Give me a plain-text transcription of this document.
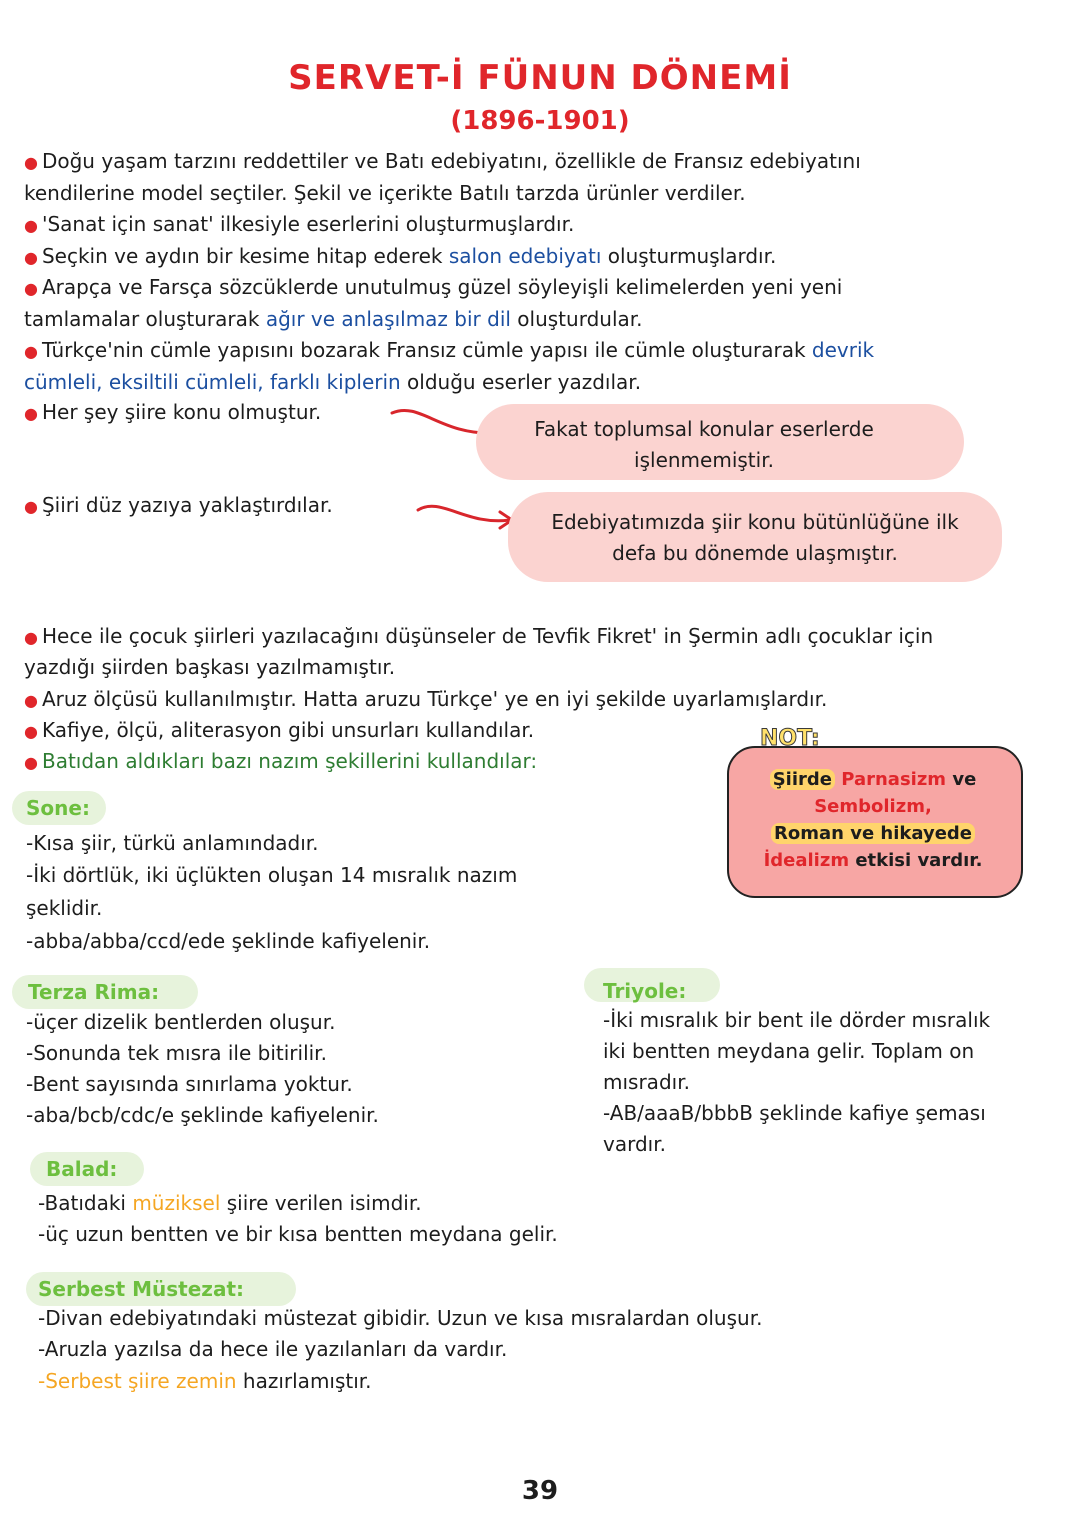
SERVET-İ FÜNUN DÖNEMİ
(1896-1901)
● Doğu yaşam tarzını reddettiler ve Batı edebiyatını, özellikle de Fransız edebiyatını
kendilerine model seçtiler. Şekil ve içerikte Batılı tarzda ürünler verdiler.
● 'Sanat için sanat' ilkesiyle eserlerini oluşturmuşlardır.
● Seçkin ve aydın bir kesime hitap ederek salon edebiyatı oluşturmuşlardır.
● Arapça ve Farsça sözcüklerde unutulmuş güzel söyleyişli kelimelerden yeni yeni
tamlamalar oluşturarak ağır ve anlaşılmaz bir dil oluşturdular.
● Türkçe'nin cümle yapısını bozarak Fransız cümle yapısı ile cümle oluşturarak devrik
cümleli, eksiltili cümleli, farklı kiplerin olduğu eserler yazdılar.
● Her şey şiire konu olmuştur.
● Şiiri düz yazıya yaklaştırdılar.
Fakat toplumsal konular eserlerde
işlenmemiştir.
Edebiyatımızda şiir konu bütünlüğüne ilk
defa bu dönemde ulaşmıştır.
● Hece ile çocuk şiirleri yazılacağını düşünseler de Tevfik Fikret' in Şermin adlı çocuklar için
yazdığı şiirden başkası yazılmamıştır.
● Aruz ölçüsü kullanılmıştır. Hatta aruzu Türkçe' ye en iyi şekilde uyarlamışlardır.
● Kafiye, ölçü, aliterasyon gibi unsurları kullandılar.
● Batıdan aldıkları bazı nazım şekillerini kullandılar:
NOT:
Şiirde Parnasizm ve
Sembolizm,
Roman ve hikayede
İdealizm etkisi vardır.
Sone:
-Kısa şiir, türkü anlamındadır.
-İki dörtlük, iki üçlükten oluşan 14 mısralık nazım
şeklidir.
-abba/abba/ccd/ede şeklinde kafiyelenir.
Terza Rima:
-üçer dizelik bentlerden oluşur.
-Sonunda tek mısra ile bitirilir.
-Bent sayısında sınırlama yoktur.
-aba/bcb/cdc/e şeklinde kafiyelenir.
Triyole:
-İki mısralık bir bent ile dörder mısralık
iki bentten meydana gelir. Toplam on
mısradır.
-AB/aaaB/bbbB şeklinde kafiye şeması
vardır.
Balad:
-Batıdaki müziksel şiire verilen isimdir.
-üç uzun bentten ve bir kısa bentten meydana gelir.
Serbest Müstezat:
-Divan edebiyatındaki müstezat gibidir. Uzun ve kısa mısralardan oluşur.
-Aruzla yazılsa da hece ile yazılanları da vardır.
-Serbest şiire zemin hazırlamıştır.
39
